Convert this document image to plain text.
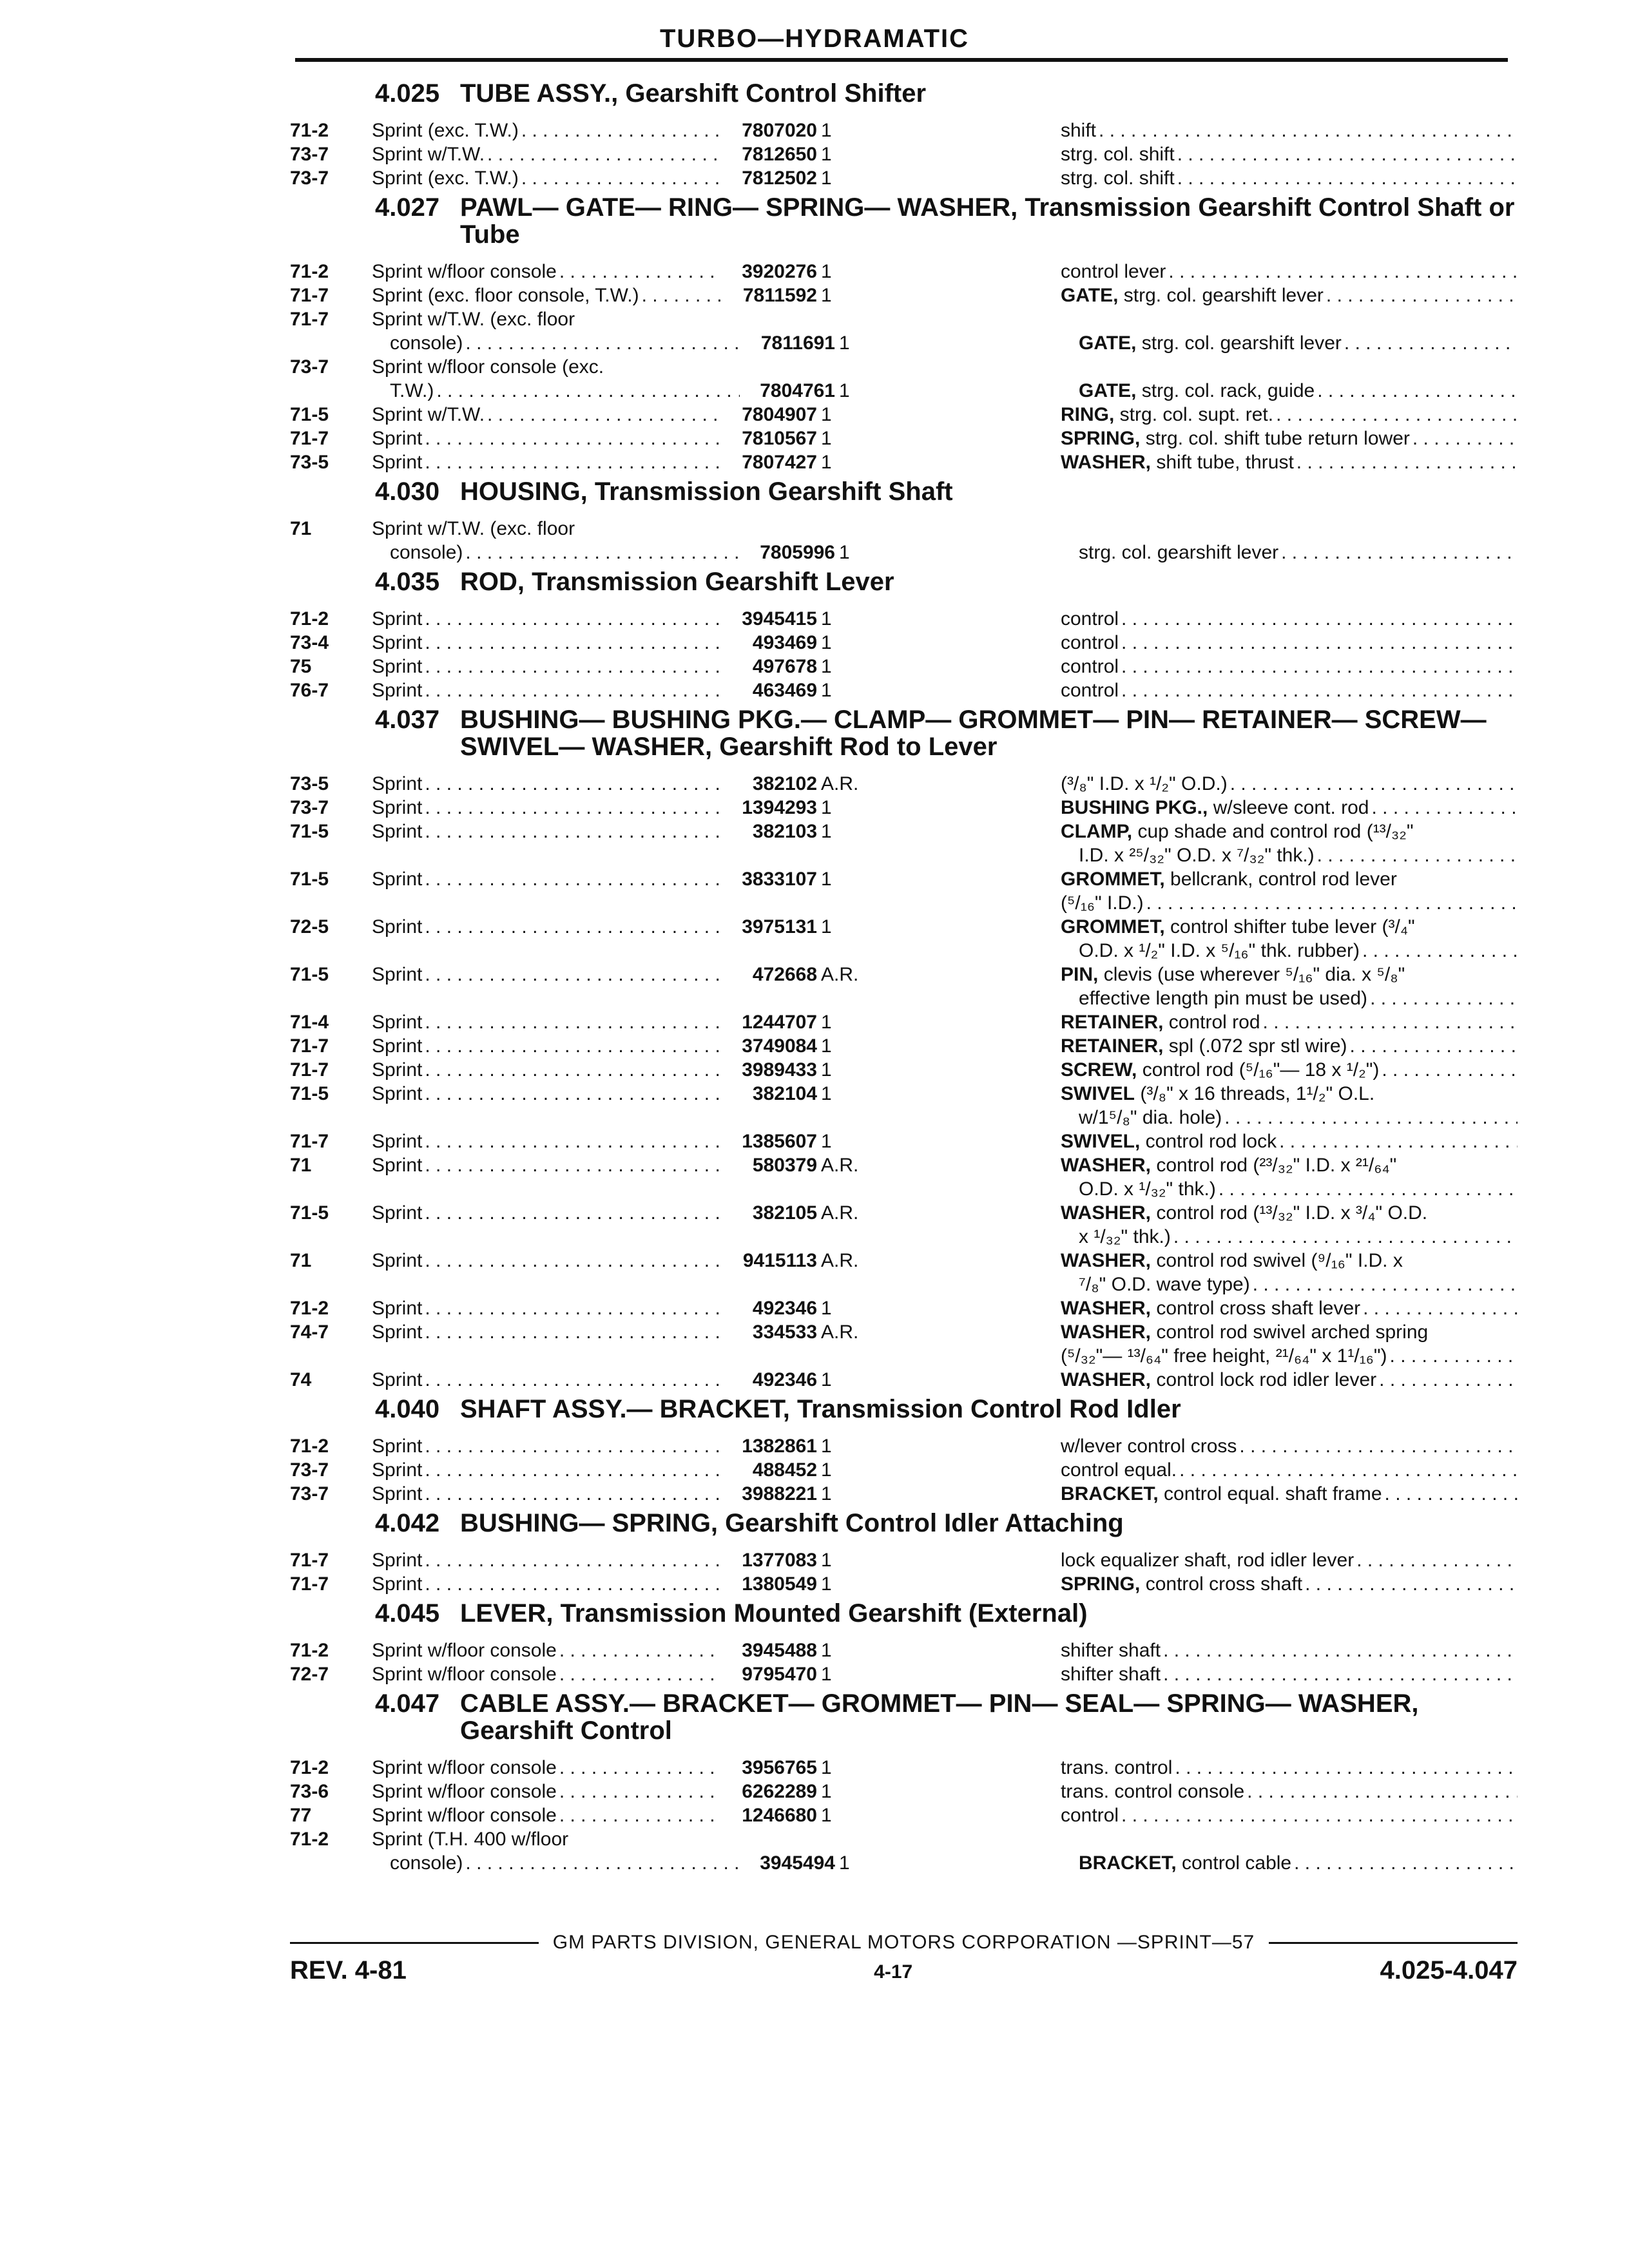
TURBO—HYDRAMATIC
4.025 TUBE ASSY., Gearshift Control Shifter
71-2	Sprint (exc. T.W.) . . .	7807020 1	shift
. . .
73-7	Sprint w/T.W. . . .	7812650 1	strg. col. shift
. . .
73-7	Sprint (exc. T.W.) . . .	7812502 1	strg. col. shift
. . .
4.027 PAWL— GATE— RING— SPRING— WASHER, Transmission Gearshift Control Shaft or Tube
71-2	Sprint w/floor console . . .	3920276 1	control lever
. . .
71-7	Sprint (exc. floor console, T.W.) . . .	7811592 1	GATE, strg. col. gearshift lever
. . .
71-7	Sprint w/T.W. (exc. floor
console) . . .	7811691 1	GATE, strg. col. gearshift lever
. . .
73-7	Sprint w/floor console (exc.
T.W.) . . .	7804761 1	GATE, strg. col. rack, guide
. . .
71-5	Sprint w/T.W. . . .	7804907 1	RING, strg. col. supt. ret.
. . .
71-7	Sprint . . .	7810567 1	SPRING, strg. col. shift tube return lower
. . .
73-5	Sprint . . .	7807427 1	WASHER, shift tube, thrust
. . .
4.030 HOUSING, Transmission Gearshift Shaft
71	Sprint w/T.W. (exc. floor
console) . . .	7805996 1	strg. col. gearshift lever
. . .
4.035 ROD, Transmission Gearshift Lever
71-2	Sprint . . .	3945415 1	control
. . .
73-4	Sprint . . .	493469 1	control
. . .
75	Sprint . . .	497678 1	control
. . .
76-7	Sprint . . .	463469 1	control
. . .
4.037 BUSHING— BUSHING PKG.— CLAMP— GROMMET— PIN— RETAINER— SCREW— SWIVEL— WASHER, Gearshift Rod to Lever
73-5	Sprint . . .	382102 A.R.	(³/₈" I.D. x ¹/₂" O.D.)
. . .
73-7	Sprint . . .	1394293 1	BUSHING PKG., w/sleeve cont. rod
. . .
71-5	Sprint . . .	382103 1	CLAMP, cup shade and control rod (¹³/₃₂"
I.D. x ²⁵/₃₂" O.D. x ⁷/₃₂" thk.)
. . .
71-5	Sprint . . .	3833107 1	GROMMET, bellcrank, control rod lever
(⁵/₁₆" I.D.)
. . .
72-5	Sprint . . .	3975131 1	GROMMET, control shifter tube lever (³/₄"
O.D. x ¹/₂" I.D. x ⁵/₁₆" thk. rubber)
. . .
71-5	Sprint . . .	472668 A.R.	PIN, clevis (use wherever ⁵/₁₆" dia. x ⁵/₈"
effective length pin must be used)
. . .
71-4	Sprint . . .	1244707 1	RETAINER, control rod
. . .
71-7	Sprint . . .	3749084 1	RETAINER, spl (.072 spr stl wire)
. . .
71-7	Sprint . . .	3989433 1	SCREW, control rod (⁵/₁₆"— 18 x ¹/₂")
. . .
71-5	Sprint . . .	382104 1	SWIVEL (³/₈" x 16 threads, 1¹/₂" O.L.
w/1⁵/₈" dia. hole)
. . .
71-7	Sprint . . .	1385607 1	SWIVEL, control rod lock
. . .
71	Sprint . . .	580379 A.R.	WASHER, control rod (²³/₃₂" I.D. x ²¹/₆₄"
O.D. x ¹/₃₂" thk.)
. . .
71-5	Sprint . . .	382105 A.R.	WASHER, control rod (¹³/₃₂" I.D. x ³/₄" O.D.
x ¹/₃₂" thk.)
. . .
71	Sprint . . .	9415113 A.R.	WASHER, control rod swivel (⁹/₁₆" I.D. x
⁷/₈" O.D. wave type)
. . .
71-2	Sprint . . .	492346 1	WASHER, control cross shaft lever
. . .
74-7	Sprint . . .	334533 A.R.	WASHER, control rod swivel arched spring
(⁵/₃₂"— ¹³/₆₄" free height, ²¹/₆₄" x 1¹/₁₆")
. . .
74	Sprint . . .	492346 1	WASHER, control lock rod idler lever
. . .
4.040 SHAFT ASSY.— BRACKET, Transmission Control Rod Idler
71-2	Sprint . . .	1382861 1	w/lever control cross
. . .
73-7	Sprint . . .	488452 1	control equal.
. . .
73-7	Sprint . . .	3988221 1	BRACKET, control equal. shaft frame
. . .
4.042 BUSHING— SPRING, Gearshift Control Idler Attaching
71-7	Sprint . . .	1377083 1	lock equalizer shaft, rod idler lever
. . .
71-7	Sprint . . .	1380549 1	SPRING, control cross shaft
. . .
4.045 LEVER, Transmission Mounted Gearshift (External)
71-2	Sprint w/floor console . . .	3945488 1	shifter shaft
. . .
72-7	Sprint w/floor console . . .	9795470 1	shifter shaft
. . .
4.047 CABLE ASSY.— BRACKET— GROMMET— PIN— SEAL— SPRING— WASHER, Gearshift Control
71-2	Sprint w/floor console . . .	3956765 1	trans. control
. . .
73-6	Sprint w/floor console . . .	6262289 1	trans. control console
. . .
77	Sprint w/floor console . . .	1246680 1	control
. . .
71-2	Sprint (T.H. 400 w/floor
console) . . .	3945494 1	BRACKET, control cable
. . .
GM PARTS DIVISION, GENERAL MOTORS CORPORATION —SPRINT—57
REV. 4-81	4-17	4.025-4.047
